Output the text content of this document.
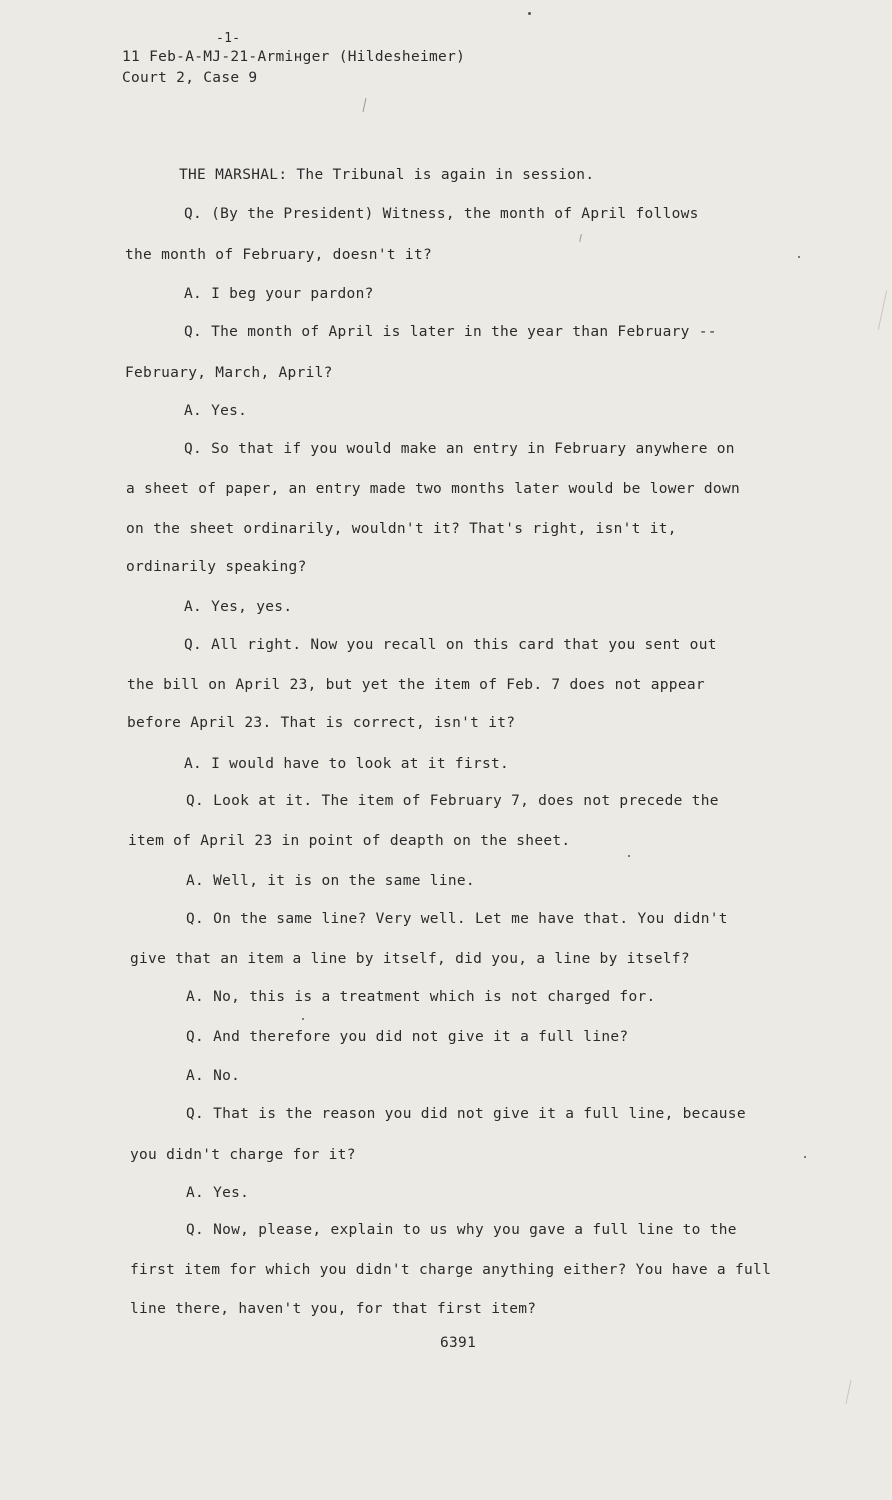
-1-
11 Feb-A-MJ-21-Armінger (Hildesheimer)
Court 2, Case 9
THE MARSHAL: The Tribunal is again in session.
Q. (By the President) Witness, the month of April follows
the month of February, doesn't it?
A. I beg your pardon?
Q. The month of April is later in the year than February --
February, March, April?
A. Yes.
Q. So that if you would make an entry in February anywhere on
a sheet of paper, an entry made two months later would be lower down
on the sheet ordinarily, wouldn't it? That's right, isn't it,
ordinarily speaking?
A. Yes, yes.
Q. All right. Now you recall on this card that you sent out
the bill on April 23, but yet the item of Feb. 7 does not appear
before April 23. That is correct, isn't it?
A. I would have to look at it first.
Q. Look at it. The item of February 7, does not precede the
item of April 23 in point of deapth on the sheet.
A. Well, it is on the same line.
Q. On the same line? Very well. Let me have that. You didn't
give that an item a line by itself, did you, a line by itself?
A. No, this is a treatment which is not charged for.
Q. And therefore you did not give it a full line?
A. No.
Q. That is the reason you did not give it a full line, because
you didn't charge for it?
A. Yes.
Q. Now, please, explain to us why you gave a full line to the
first item for which you didn't charge anything either? You have a full
line there, haven't you, for that first item?
6391
